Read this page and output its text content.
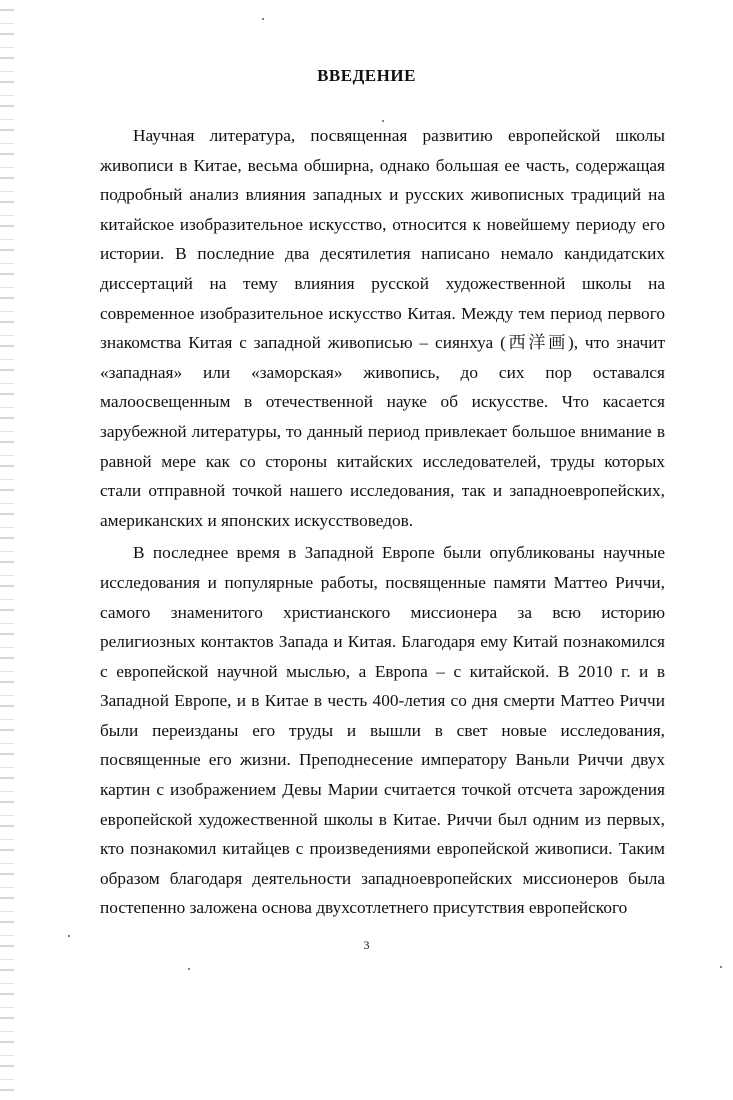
ВВЕДЕНИЕ

Научная литература, посвященная развитию европейской школы живописи в Китае, весьма обширна, однако большая ее часть, содержащая подробный анализ влияния западных и русских живописных традиций на китайское изобразительное искусство, относится к новейшему периоду его истории. В последние два десятилетия написано немало кандидатских диссертаций на тему влияния русской художественной школы на современное изобразительное искусство Китая. Между тем период первого знакомства Китая с западной живописью – сиянхуа (西洋画), что значит «западная» или «заморская» живопись, до сих пор оставался малоосвещенным в отечественной науке об искусстве. Что касается зарубежной литературы, то данный период привлекает большое внимание в равной мере как со стороны китайских исследователей, труды которых стали отправной точкой нашего исследования, так и западноевропейских, американских и японских искусствоведов.

В последнее время в Западной Европе были опубликованы научные исследования и популярные работы, посвященные памяти Маттео Риччи, самого знаменитого христианского миссионера за всю историю религиозных контактов Запада и Китая. Благодаря ему Китай познакомился с европейской научной мыслью, а Европа – с китайской. В 2010 г. и в Западной Европе, и в Китае в честь 400-летия со дня смерти Маттео Риччи были переизданы его труды и вышли в свет новые исследования, посвященные его жизни. Преподнесение императору Ваньли Риччи двух картин с изображением Девы Марии считается точкой отсчета зарождения европейской художественной школы в Китае. Риччи был одним из первых, кто познакомил китайцев с произведениями европейской живописи. Таким образом благодаря деятельности западноевропейских миссионеров была постепенно заложена основа двухсотлетнего присутствия европейского

3
